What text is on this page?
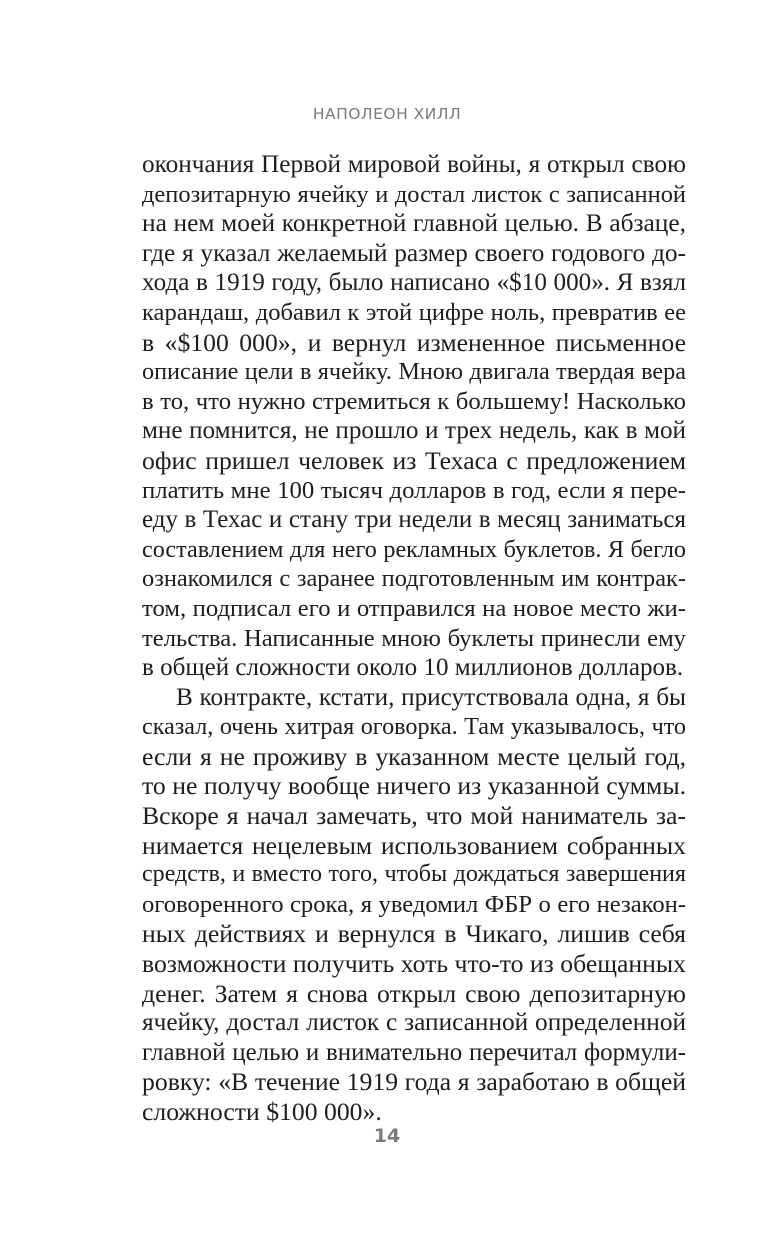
НАПОЛЕОН ХИЛЛ
окончания Первой мировой войны, я открыл свою
депозитарную ячейку и достал листок с записанной
на нем моей конкретной главной целью. В абзаце,
где я указал желаемый размер своего годового до-
хода в 1919 году, было написано «$10 000». Я взял
карандаш, добавил к этой цифре ноль, превратив ее
в «$100 000», и вернул измененное письменное
описание цели в ячейку. Мною двигала твердая вера
в то, что нужно стремиться к большему! Насколько
мне помнится, не прошло и трех недель, как в мой
офис пришел человек из Техаса с предложением
платить мне 100 тысяч долларов в год, если я пере-
еду в Техас и стану три недели в месяц заниматься
составлением для него рекламных буклетов. Я бегло
ознакомился с заранее подготовленным им контрак-
том, подписал его и отправился на новое место жи-
тельства. Написанные мною буклеты принесли ему
в общей сложности около 10 миллионов долларов.
В контракте, кстати, присутствовала одна, я бы
сказал, очень хитрая оговорка. Там указывалось, что
если я не проживу в указанном месте целый год,
то не получу вообще ничего из указанной суммы.
Вскоре я начал замечать, что мой наниматель за-
нимается нецелевым использованием собранных
средств, и вместо того, чтобы дождаться завершения
оговоренного срока, я уведомил ФБР о его незакон-
ных действиях и вернулся в Чикаго, лишив себя
возможности получить хоть что-то из обещанных
денег. Затем я снова открыл свою депозитарную
ячейку, достал листок с записанной определенной
главной целью и внимательно перечитал формули-
ровку: «В течение 1919 года я заработаю в общей
сложности $100 000».
14
